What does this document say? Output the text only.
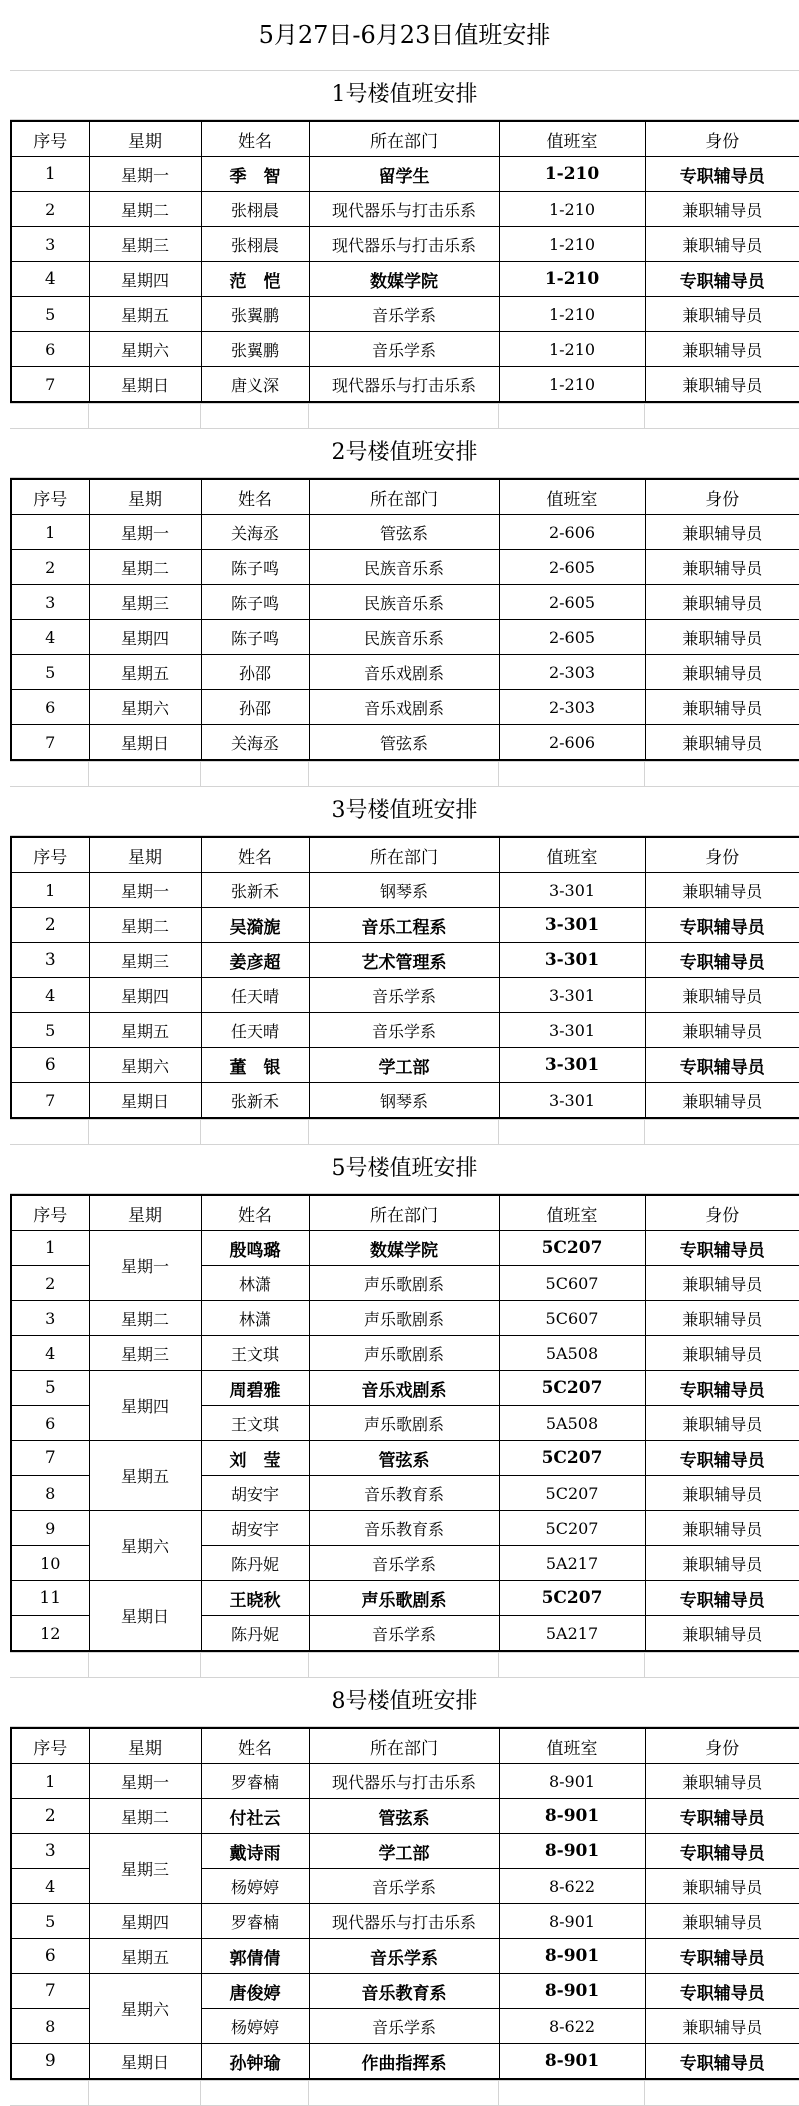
5月27日-6月23日值班安排
1号楼值班安排
序号	星期	姓名	所在部门	值班室	身份
1	星期一	季　智	留学生	1-210	专职辅导员
2	星期二	张栩晨	现代器乐与打击乐系	1-210	兼职辅导员
3	星期三	张栩晨	现代器乐与打击乐系	1-210	兼职辅导员
4	星期四	范　恺	数媒学院	1-210	专职辅导员
5	星期五	张翼鹏	音乐学系	1-210	兼职辅导员
6	星期六	张翼鹏	音乐学系	1-210	兼职辅导员
7	星期日	唐义深	现代器乐与打击乐系	1-210	兼职辅导员
2号楼值班安排
序号	星期	姓名	所在部门	值班室	身份
1	星期一	关海丞	管弦系	2-606	兼职辅导员
2	星期二	陈子鸣	民族音乐系	2-605	兼职辅导员
3	星期三	陈子鸣	民族音乐系	2-605	兼职辅导员
4	星期四	陈子鸣	民族音乐系	2-605	兼职辅导员
5	星期五	孙邵	音乐戏剧系	2-303	兼职辅导员
6	星期六	孙邵	音乐戏剧系	2-303	兼职辅导员
7	星期日	关海丞	管弦系	2-606	兼职辅导员
3号楼值班安排
序号	星期	姓名	所在部门	值班室	身份
1	星期一	张新禾	钢琴系	3-301	兼职辅导员
2	星期二	吴漪旎	音乐工程系	3-301	专职辅导员
3	星期三	姜彦超	艺术管理系	3-301	专职辅导员
4	星期四	任天晴	音乐学系	3-301	兼职辅导员
5	星期五	任天晴	音乐学系	3-301	兼职辅导员
6	星期六	董　银	学工部	3-301	专职辅导员
7	星期日	张新禾	钢琴系	3-301	兼职辅导员
5号楼值班安排
序号	星期	姓名	所在部门	值班室	身份
1	星期一	殷鸣璐	数媒学院	5C207	专职辅导员
2		林潇	声乐歌剧系	5C607	兼职辅导员
3	星期二	林潇	声乐歌剧系	5C607	兼职辅导员
4	星期三	王文琪	声乐歌剧系	5A508	兼职辅导员
5	星期四	周碧雅	音乐戏剧系	5C207	专职辅导员
6		王文琪	声乐歌剧系	5A508	兼职辅导员
7	星期五	刘　莹	管弦系	5C207	专职辅导员
8		胡安宇	音乐教育系	5C207	兼职辅导员
9	星期六	胡安宇	音乐教育系	5C207	兼职辅导员
10		陈丹妮	音乐学系	5A217	兼职辅导员
11	星期日	王晓秋	声乐歌剧系	5C207	专职辅导员
12		陈丹妮	音乐学系	5A217	兼职辅导员
8号楼值班安排
序号	星期	姓名	所在部门	值班室	身份
1	星期一	罗睿楠	现代器乐与打击乐系	8-901	兼职辅导员
2	星期二	付社云	管弦系	8-901	专职辅导员
3	星期三	戴诗雨	学工部	8-901	专职辅导员
4		杨婷婷	音乐学系	8-622	兼职辅导员
5	星期四	罗睿楠	现代器乐与打击乐系	8-901	兼职辅导员
6	星期五	郭倩倩	音乐学系	8-901	专职辅导员
7	星期六	唐俊婷	音乐教育系	8-901	专职辅导员
8		杨婷婷	音乐学系	8-622	兼职辅导员
9	星期日	孙钟瑜	作曲指挥系	8-901	专职辅导员
